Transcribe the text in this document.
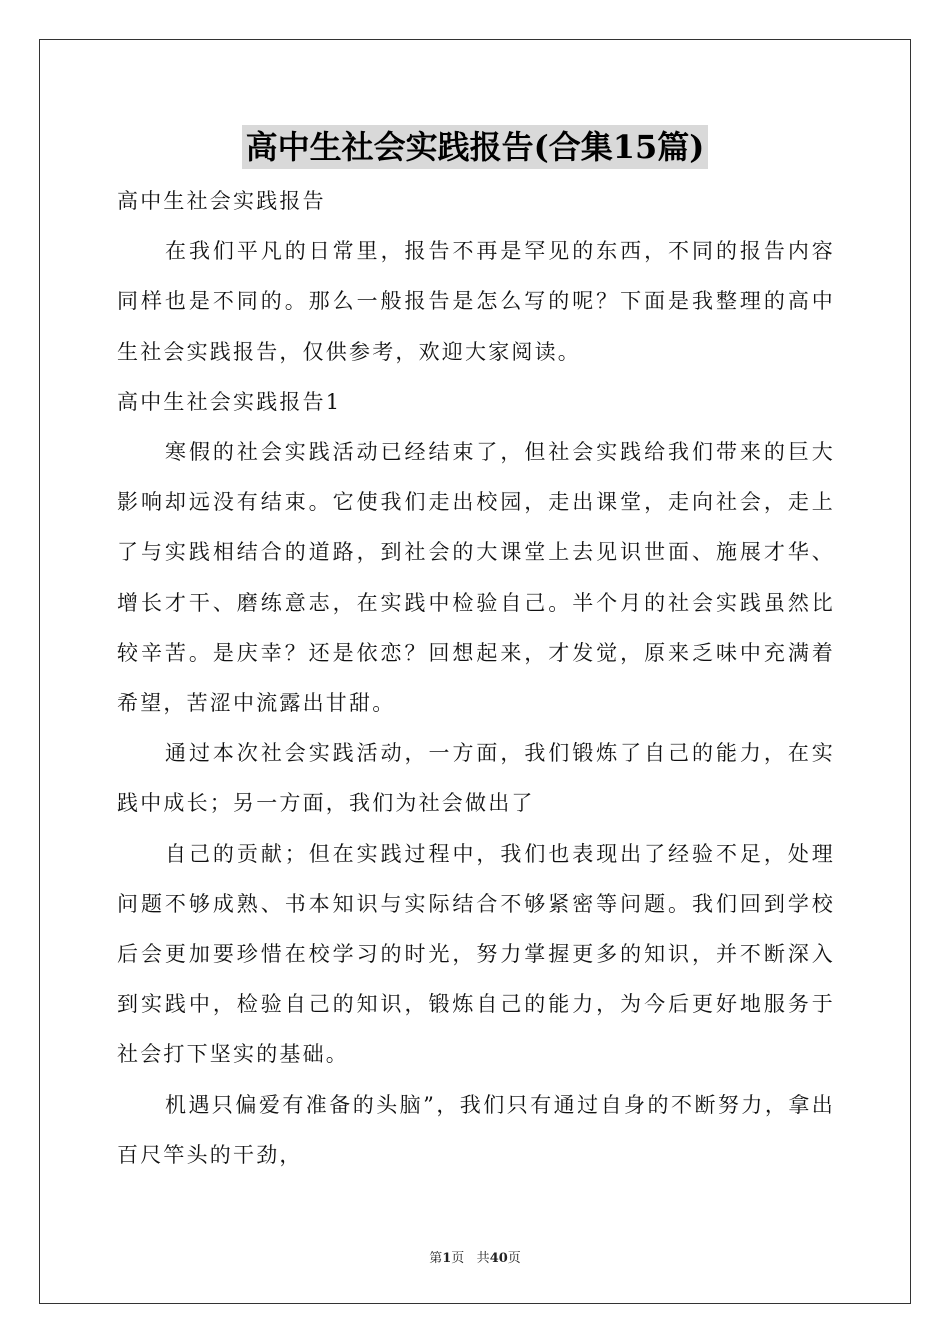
高中生社会实践报告(合集15篇)

高中生社会实践报告

在我们平凡的日常里，报告不再是罕见的东西，不同的报告内容同样也是不同的。那么一般报告是怎么写的呢？下面是我整理的高中生社会实践报告，仅供参考，欢迎大家阅读。

高中生社会实践报告1

寒假的社会实践活动已经结束了，但社会实践给我们带来的巨大影响却远没有结束。它使我们走出校园，走出课堂，走向社会，走上了与实践相结合的道路，到社会的大课堂上去见识世面、施展才华、增长才干、磨练意志，在实践中检验自己。半个月的社会实践虽然比较辛苦。是庆幸？还是依恋？回想起来，才发觉，原来乏味中充满着希望，苦涩中流露出甘甜。

通过本次社会实践活动，一方面，我们锻炼了自己的能力，在实践中成长；另一方面，我们为社会做出了

自己的贡献；但在实践过程中，我们也表现出了经验不足，处理问题不够成熟、书本知识与实际结合不够紧密等问题。我们回到学校后会更加要珍惜在校学习的时光，努力掌握更多的知识，并不断深入到实践中，检验自己的知识，锻炼自己的能力，为今后更好地服务于社会打下坚实的基础。

机遇只偏爱有准备的头脑”，我们只有通过自身的不断努力，拿出百尺竿头的干劲，

第1页 共40页
